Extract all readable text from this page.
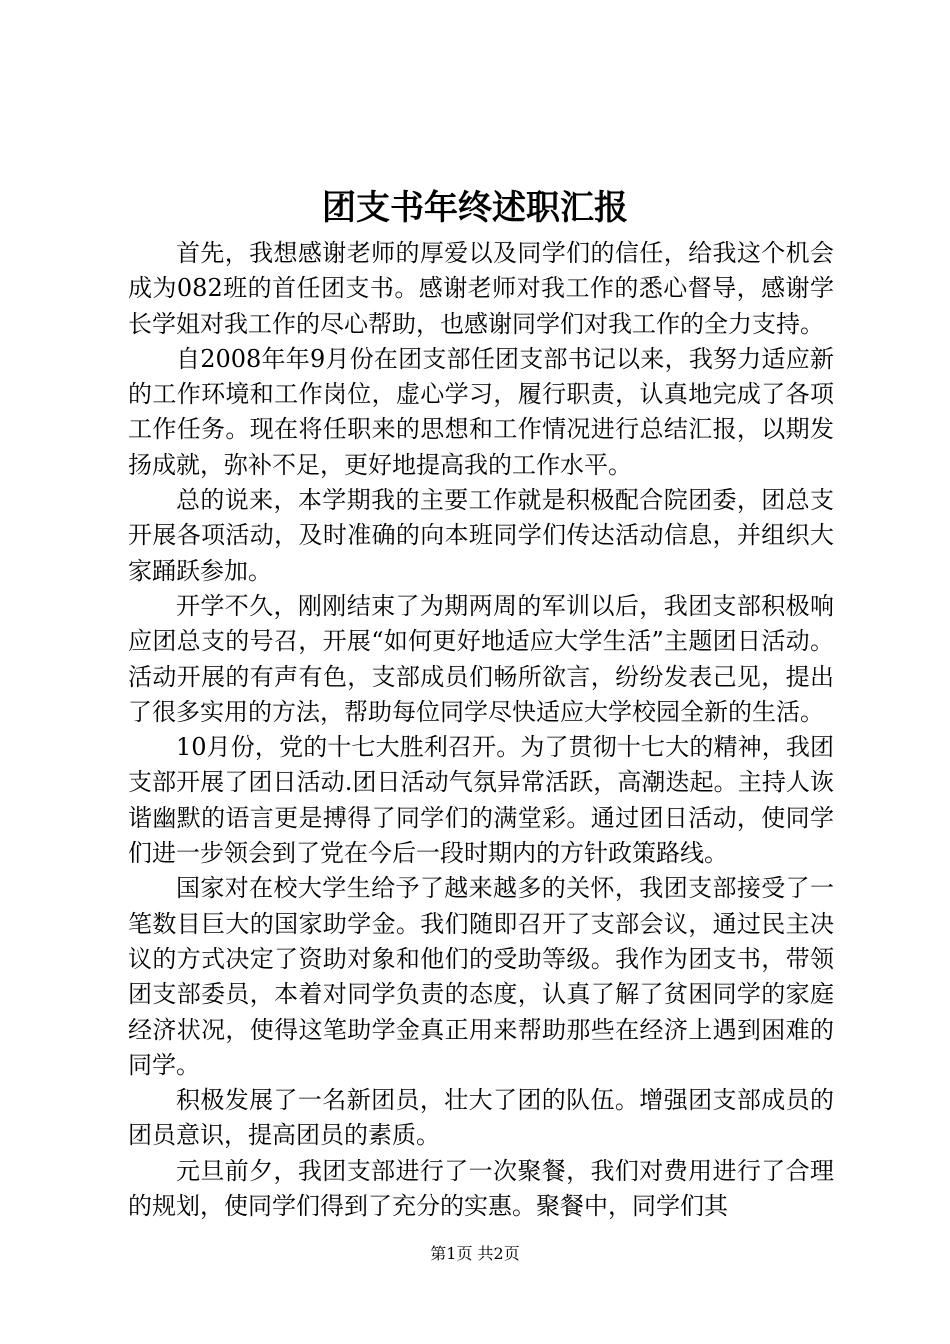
团支书年终述职汇报

首先，我想感谢老师的厚爱以及同学们的信任，给我这个机会成为082班的首任团支书。感谢老师对我工作的悉心督导，感谢学长学姐对我工作的尽心帮助，也感谢同学们对我工作的全力支持。

自2008年年9月份在团支部任团支部书记以来，我努力适应新的工作环境和工作岗位，虚心学习，履行职责，认真地完成了各项工作任务。现在将任职来的思想和工作情况进行总结汇报，以期发扬成就，弥补不足，更好地提高我的工作水平。

总的说来，本学期我的主要工作就是积极配合院团委，团总支开展各项活动，及时准确的向本班同学们传达活动信息，并组织大家踊跃参加。

开学不久，刚刚结束了为期两周的军训以后，我团支部积极响应团总支的号召，开展“如何更好地适应大学生活”主题团日活动。活动开展的有声有色，支部成员们畅所欲言，纷纷发表己见，提出了很多实用的方法，帮助每位同学尽快适应大学校园全新的生活。

10月份，党的十七大胜利召开。为了贯彻十七大的精神，我团支部开展了团日活动.团日活动气氛异常活跃，高潮迭起。主持人诙谐幽默的语言更是搏得了同学们的满堂彩。通过团日活动，使同学们进一步领会到了党在今后一段时期内的方针政策路线。

国家对在校大学生给予了越来越多的关怀，我团支部接受了一笔数目巨大的国家助学金。我们随即召开了支部会议，通过民主决议的方式决定了资助对象和他们的受助等级。我作为团支书，带领团支部委员，本着对同学负责的态度，认真了解了贫困同学的家庭经济状况，使得这笔助学金真正用来帮助那些在经济上遇到困难的同学。

积极发展了一名新团员，壮大了团的队伍。增强团支部成员的团员意识，提高团员的素质。

元旦前夕，我团支部进行了一次聚餐，我们对费用进行了合理的规划，使同学们得到了充分的实惠。聚餐中，同学们其

第1页 共2页
